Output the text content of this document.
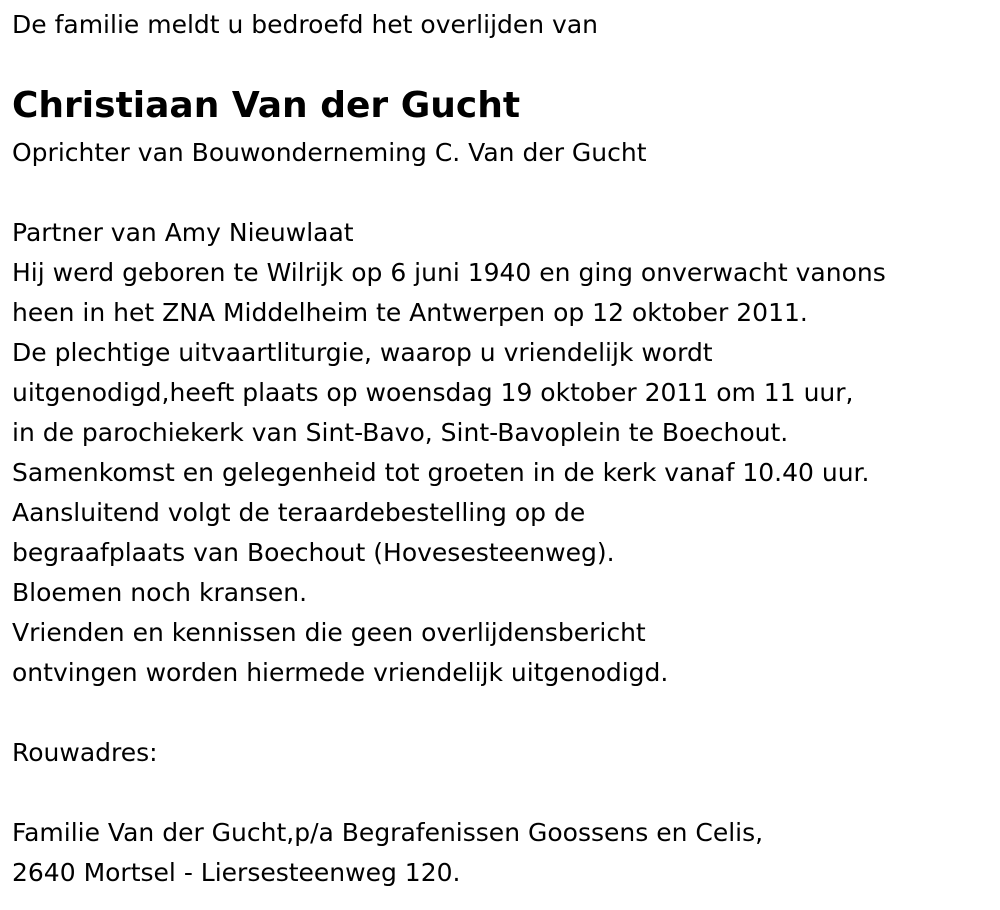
De familie meldt u bedroefd het overlijden van
Christiaan Van der Gucht
Oprichter van Bouwonderneming C. Van der Gucht
Partner van Amy Nieuwlaat
Hij werd geboren te Wilrijk op 6 juni 1940 en ging onverwacht vanons
heen in het ZNA Middelheim te Antwerpen op 12 oktober 2011.
De plechtige uitvaartliturgie, waarop u vriendelijk wordt
uitgenodigd,heeft plaats op woensdag 19 oktober 2011 om 11 uur,
in de parochiekerk van Sint-Bavo, Sint-Bavoplein te Boechout.
Samenkomst en gelegenheid tot groeten in de kerk vanaf 10.40 uur.
Aansluitend volgt de teraardebestelling op de
begraafplaats van Boechout (Hovesesteenweg).
Bloemen noch kransen.
Vrienden en kennissen die geen overlijdensbericht
ontvingen worden hiermede vriendelijk uitgenodigd.
Rouwadres:
Familie Van der Gucht,p/a Begrafenissen Goossens en Celis,
2640 Mortsel - Liersesteenweg 120.
